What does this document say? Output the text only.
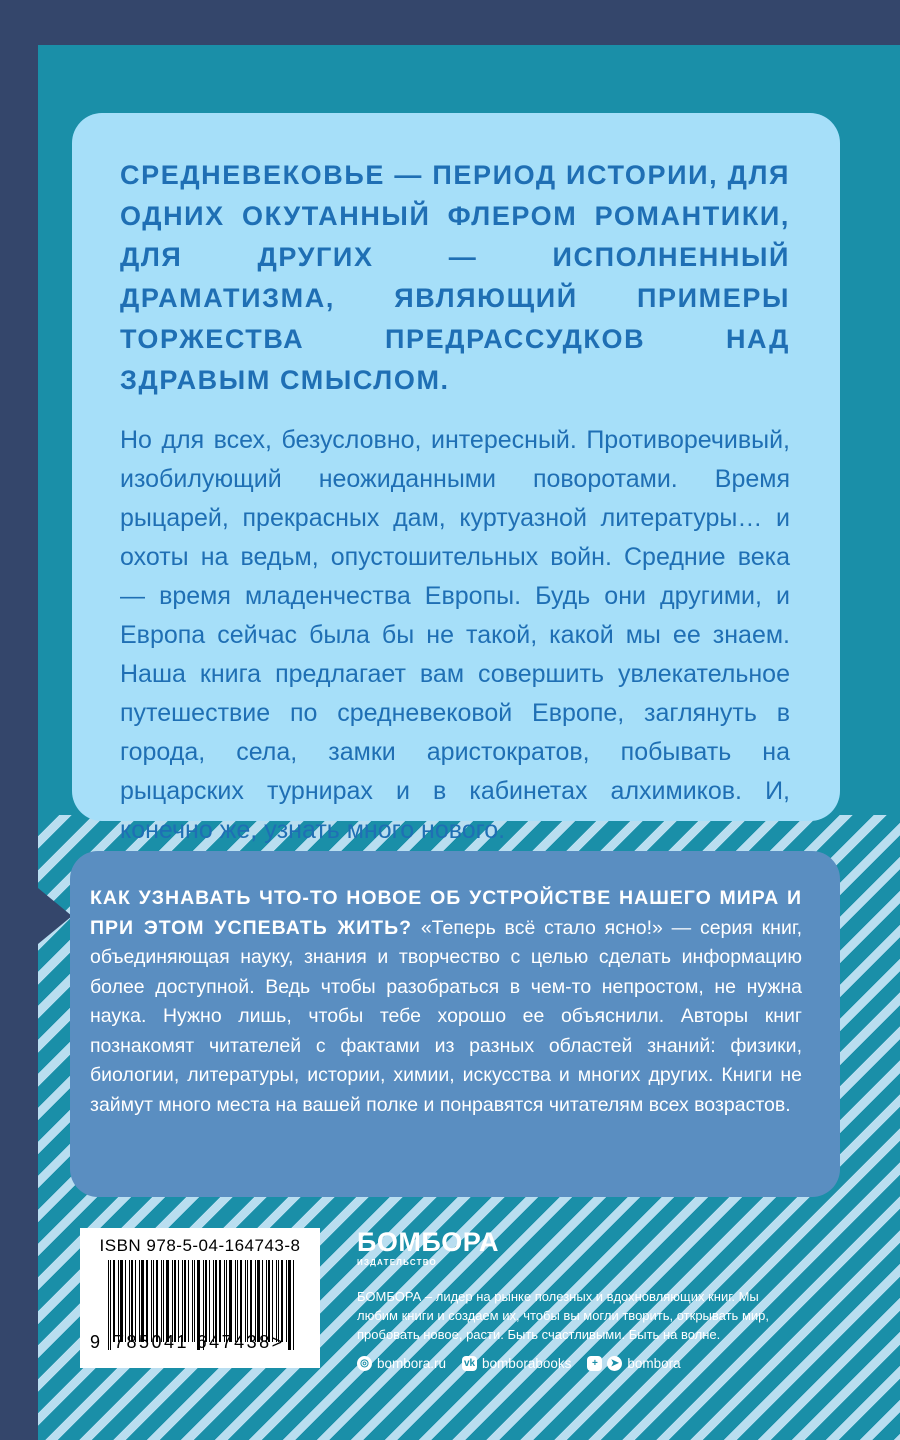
СРЕДНЕВЕКОВЬЕ — ПЕРИОД ИСТОРИИ, ДЛЯ ОДНИХ ОКУТАННЫЙ ФЛЕРОМ РОМАНТИКИ, ДЛЯ ДРУГИХ — ИСПОЛНЕННЫЙ ДРАМАТИЗМА, ЯВЛЯЮЩИЙ ПРИМЕРЫ ТОРЖЕСТВА ПРЕДРАССУДКОВ НАД ЗДРАВЫМ СМЫСЛОМ.

Но для всех, безусловно, интересный. Противоречивый, изобилующий неожиданными поворотами. Время рыцарей, прекрасных дам, куртуазной литературы… и охоты на ведьм, опустошительных войн. Средние века — время младенчества Европы. Будь они другими, и Европа сейчас была бы не такой, какой мы ее знаем. Наша книга предлагает вам совершить увлекательное путешествие по средневековой Европе, заглянуть в города, села, замки аристократов, побывать на рыцарских турнирах и в кабинетах алхимиков. И, конечно же, узнать много нового.

КАК УЗНАВАТЬ ЧТО-ТО НОВОЕ ОБ УСТРОЙСТВЕ НАШЕГО МИРА И ПРИ ЭТОМ УСПЕВАТЬ ЖИТЬ? «Теперь всё стало ясно!» — серия книг, объединяющая науку, знания и творчество с целью сделать информацию более доступной. Ведь чтобы разобраться в чем-то непростом, не нужна наука. Нужно лишь, чтобы тебе хорошо ее объяснили. Авторы книг познакомят читателей с фактами из разных областей знаний: физики, биологии, литературы, истории, химии, искусства и многих других. Книги не займут много места на вашей полке и понравятся читателям всех возрастов.

ISBN 978-5-04-164743-8
9 785041 647438>
БОМБОРА
ИЗДАТЕЛЬСТВО
БОМБОРА – лидер на рынке полезных и вдохновляющих книг. Мы любим книги и создаем их, чтобы вы могли творить, открывать мир, пробовать новое, расти. Быть счастливыми. Быть на волне.
◎ bombora.ru vk bomborabooks	+	➤ bombora
